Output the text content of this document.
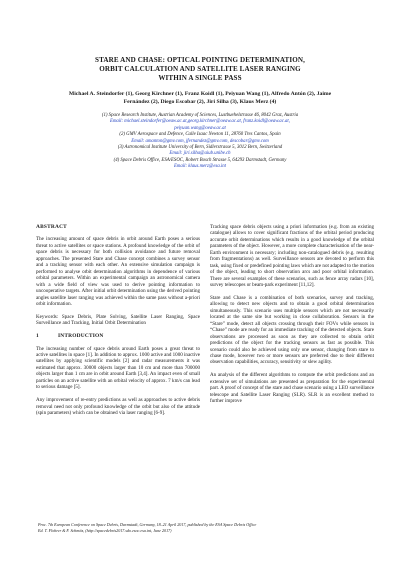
STARE AND CHASE: OPTICAL POINTING DETERMINATION,
ORBIT CALCULATION AND SATELLITE LASER RANGING
WITHIN A SINGLE PASS
Michael A. Steindorfer (1), Georg Kirchner (1), Franz Koidl (1), Peiyuan Wang (1), Alfredo Antón (2), Jaime
Fernández (2), Diego Escobar (2), Jiri Silha (3), Klaus Merz (4)
(1) Space Research Institute, Austrian Academy of Sciences, Lustbuehelstrasse 46, 8042 Graz, Austria
Email: michael.steindorfer@oeaw.ac.at,georg.kirchner@oeaw.ac.at, franz.koidl@oeaw.ac.at,
peiyuan.wang@oeaw.ac.at
(2) GMV Aerospace and Defence, Calle Isaac Newton 11, 28760 Tres Cantos, Spain
Email: amanton@gmv.com, jfernandez@gmv.com, descobar@gmv.com
(3) Astronomical Institute University of Bern, Sidlerstrasse 5, 3012 Bern, Switzerland
Email: jiri.silha@aiub.unibe.ch
(4) Space Debris Office, ESA/ESOC, Robert Bosch Strasse 5, 64293 Darmstadt, Germany
Email: klaus.merz@esa.int
ABSTRACT

The increasing amount of space debris in orbit around Earth poses a serious threat to active satellites or space stations. A profound knowledge of the orbit of space debris is necessary for both collision avoidance and future removal approaches. The presented Stare and Chase concept combines a survey sensor and a tracking sensor with each other. An extensive simulation campaign is performed to analyse orbit determination algorithms in dependence of various orbital parameters. Within an experimental campaign an astronomical camera with a wide field of view was used to derive pointing information to uncooperative targets. After initial orbit determination using the derived pointing angles satellite laser ranging was achieved within the same pass without a-priori orbit information.

Keywords: Space Debris, Plate Solving, Satellite Laser Ranging, Space Surveillance and Tracking, Initial Orbit Determination

1	INTRODUCTION

The increasing number of space debris around Earth poses a great threat to active satellites in space [1]. In addition to approx. 1000 active and 1000 inactive satellites by applying scientific models [2] and radar measurements it was estimated that approx. 30000 objects larger than 10 cm and more than 700000 objects larger than 1 cm are in orbit around Earth [3,4]. An impact even of small particles on an active satellite with an orbital velocity of approx. 7 km/s can lead to serious damage [5].

Any improvement of re-entry predictions as well as approaches to active debris removal need not only profound knowledge of the orbit but also of the attitude (spin parameters) which can be obtained via laser ranging [6-9].

Tracking space debris objects using a priori information (e.g. from an existing catalogue) allows to cover significant fractions of the orbital period producing accurate orbit determinations which results in a good knowledge of the orbital parameters of the object. However, a more complete characterisation of the near-Earth environment is necessary; including non-catalogued debris (e.g. resulting from fragmentations) as well. Surveillance sensors are devoted to perform this task, using fixed or predefined pointing laws which are not adapted to the motion of the object, leading to short observation arcs and poor orbital information. There are several examples of these scenarios, such as fence array radars [10], survey telescopes or beam-park experiment [11,12].

Stare and Chase is a combination of both scenarios, survey and tracking, allowing to detect new objects and to obtain a good orbital determination simultaneously. This scenario uses multiple sensors which are not necessarily located at the same site but working in close collaboration. Sensors in the “Stare” mode, detect all objects crossing through their FOVs while sensors in “Chase” mode are ready for an immediate tracking of the detected objects. Stare observations are processed as soon as they are collected to obtain orbit predictions of the object for the tracking sensors as fast as possible. This scenario could also be achieved using only one sensor, changing from stare to chase mode, however two or more sensors are preferred due to their different observation capabilities, accuracy, sensitivity or slew agility.

An analysis of the different algorithms to compute the orbit predictions and an extensive set of simulations are presented as preparation for the experimental part. A proof of concept of the stare and chase scenario using a LEO surveillance telescope and Satellite Laser Ranging (SLR). SLR is an excellent method to further improve

Proc. 7th European Conference on Space Debris, Darmstadt, Germany, 18–21 April 2017, published by the ESA Space Debris Office
Ed. T. Flohrer & F. Schmitz, (http://spacedebris2017.sdo.esoc.esa.int, June 2017)
